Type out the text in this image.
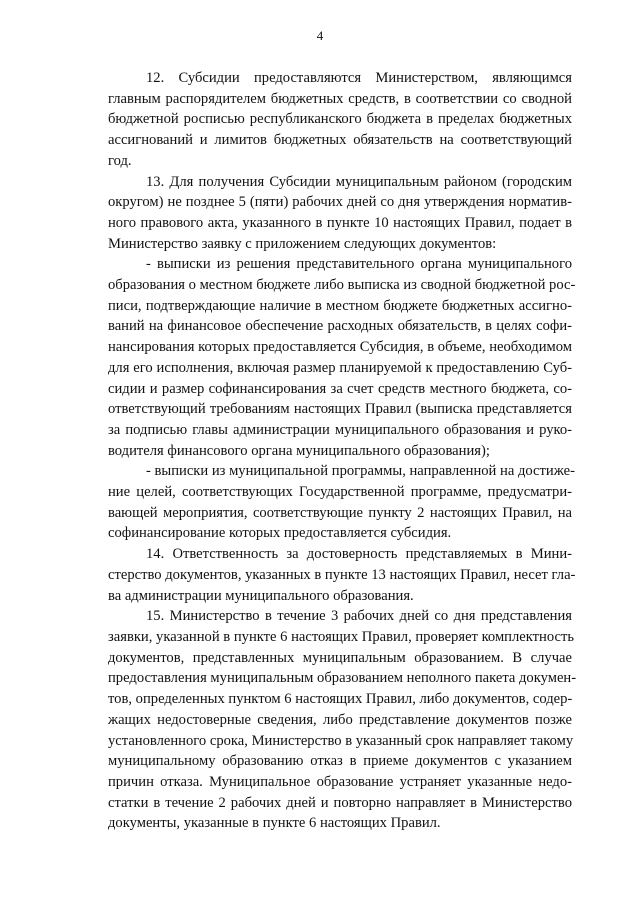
4
12. Субсидии предоставляются Министерством, являющимся
главным распорядителем бюджетных средств, в соответствии со сводной
бюджетной росписью республиканского бюджета в пределах бюджетных
ассигнований и лимитов бюджетных обязательств на соответствующий
год.
13. Для получения Субсидии муниципальным районом (городским
округом) не позднее 5 (пяти) рабочих дней со дня утверждения норматив-
ного правового акта, указанного в пункте 10 настоящих Правил, подает в
Министерство заявку с приложением следующих документов:
- выписки из решения представительного органа муниципального
образования о местном бюджете либо выписка из сводной бюджетной рос-
писи, подтверждающие наличие в местном бюджете бюджетных ассигно-
ваний на финансовое обеспечение расходных обязательств, в целях софи-
нансирования которых предоставляется Субсидия, в объеме, необходимом
для его исполнения, включая размер планируемой к предоставлению Суб-
сидии и размер софинансирования за счет средств местного бюджета, со-
ответствующий требованиям настоящих Правил (выписка представляется
за подписью главы администрации муниципального образования и руко-
водителя финансового органа муниципального образования);
- выписки из муниципальной программы, направленной на достиже-
ние целей, соответствующих Государственной программе, предусматри-
вающей мероприятия, соответствующие пункту 2 настоящих Правил, на
софинансирование которых предоставляется субсидия.
14. Ответственность за достоверность представляемых в Мини-
стерство документов, указанных в пункте 13 настоящих Правил, несет гла-
ва администрации муниципального образования.
15. Министерство в течение 3 рабочих дней со дня представления
заявки, указанной в пункте 6 настоящих Правил, проверяет комплектность
документов, представленных муниципальным образованием. В случае
предоставления муниципальным образованием неполного пакета докумен-
тов, определенных пунктом 6 настоящих Правил, либо документов, содер-
жащих недостоверные сведения, либо представление документов позже
установленного срока, Министерство в указанный срок направляет такому
муниципальному образованию отказ в приеме документов с указанием
причин отказа. Муниципальное образование устраняет указанные недо-
статки в течение 2 рабочих дней и повторно направляет в Министерство
документы, указанные в пункте 6 настоящих Правил.
